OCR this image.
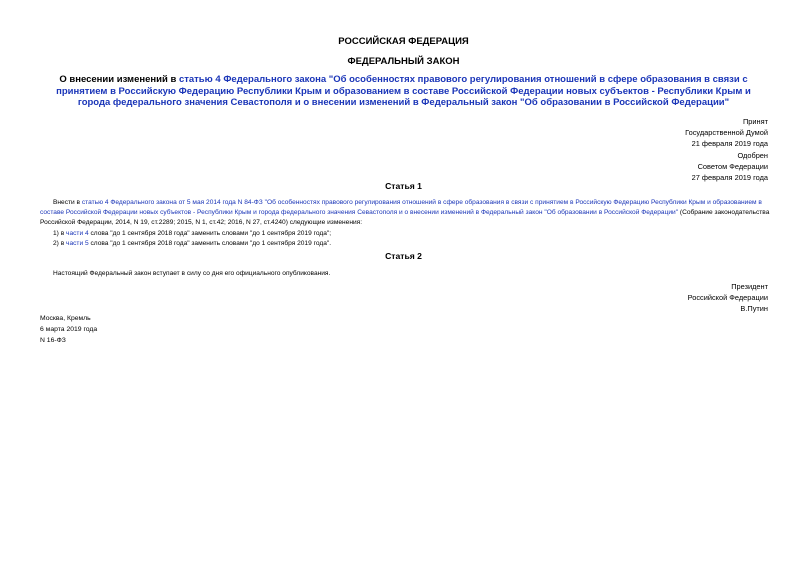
РОССИЙСКАЯ ФЕДЕРАЦИЯ
ФЕДЕРАЛЬНЫЙ ЗАКОН
О внесении изменений в статью 4 Федерального закона "Об особенностях правового регулирования отношений в сфере образования в связи с принятием в Российскую Федерацию Республики Крым и образованием в составе Российской Федерации новых субъектов - Республики Крым и города федерального значения Севастополя и о внесении изменений в Федеральный закон "Об образовании в Российской Федерации"
Принят
Государственной Думой
21 февраля 2019 года
Одобрен
Советом Федерации
27 февраля 2019 года
Статья 1
Внести в статью 4 Федерального закона от 5 мая 2014 года N 84-ФЗ "Об особенностях правового регулирования отношений в сфере образования в связи с принятием в Российскую Федерацию Республики Крым и образованием в составе Российской Федерации новых субъектов - Республики Крым и города федерального значения Севастополя и о внесении изменений в Федеральный закон "Об образовании в Российской Федерации" (Собрание законодательства Российской Федерации, 2014, N 19, ст.2289; 2015, N 1, ст.42; 2016, N 27, ст.4240) следующие изменения:
1) в части 4 слова "до 1 сентября 2018 года" заменить словами "до 1 сентября 2019 года";
2) в части 5 слова "до 1 сентября 2018 года" заменить словами "до 1 сентября 2019 года".
Статья 2
Настоящий Федеральный закон вступает в силу со дня его официального опубликования.
Президент
Российской Федерации
В.Путин
Москва, Кремль
6 марта 2019 года
N 16-ФЗ
